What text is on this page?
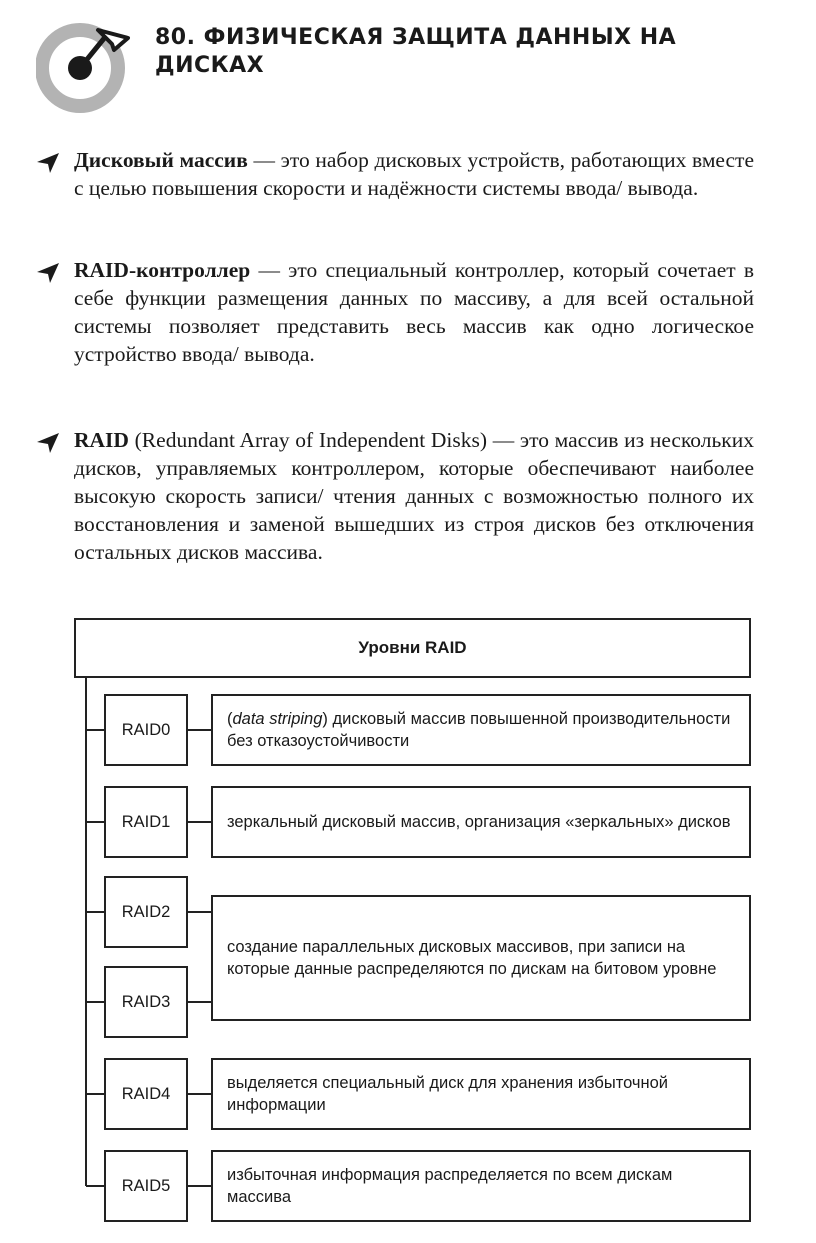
80. ФИЗИЧЕСКАЯ ЗАЩИТА ДАННЫХ НА ДИСКАХ
Дисковый массив — это набор дисковых устройств, работающих вместе с целью повышения скорости и надёжности системы ввода/ вывода.
RAID-контроллер — это специальный контроллер, который сочетает в себе функции размещения данных по массиву, а для всей остальной системы позволяет представить весь массив как одно логическое устройство ввода/ вывода.
RAID (Redundant Array of Independent Disks) — это массив из нескольких дисков, управляемых контроллером, которые обеспечивают наиболее высокую скорость записи/ чтения данных с возможностью полного их восстановления и заменой вышедших из строя дисков без отключения остальных дисков массива.
Уровни RAID
RAID0
RAID1
RAID2
RAID3
RAID4
RAID5
(data striping) дисковый массив повышенной производительности без отказоустойчивости
зеркальный дисковый массив, организация «зеркальных» дисков
создание параллельных дисковых массивов, при записи на которые данные распределяются по дискам на битовом уровне
выделяется специальный диск для хранения избыточной информации
избыточная информация распределяется по всем дискам массива
